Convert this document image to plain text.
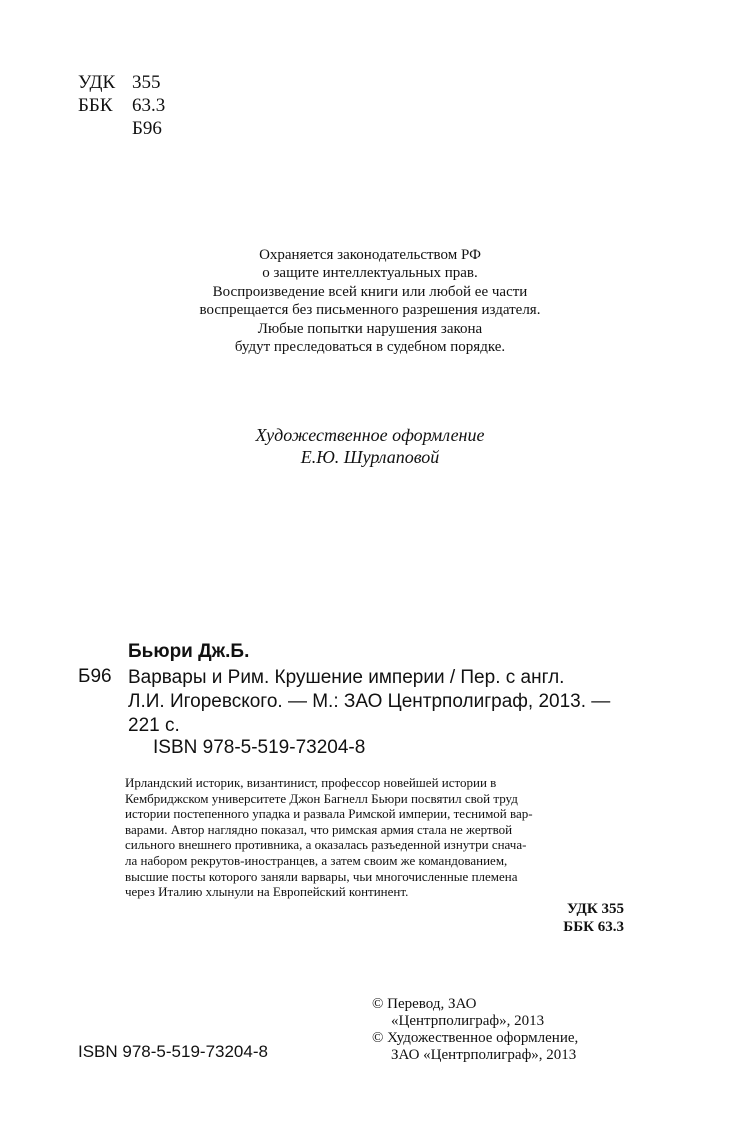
УДК 355
ББК 63.3
Б96
Охраняется законодательством РФ
о защите интеллектуальных прав.
Воспроизведение всей книги или любой ее части
воспрещается без письменного разрешения издателя.
Любые попытки нарушения закона
будут преследоваться в судебном порядке.
Художественное оформление
Е.Ю. Шурлаповой
Бьюри Дж.Б.
Б96 Варвары и Рим. Крушение империи / Пер. с англ.
Л.И. Игоревского. — М.: ЗАО Центрполиграф, 2013. —
221 с.
ISBN 978-5-519-73204-8
Ирландский историк, византинист, профессор новейшей истории в
Кембриджском университете Джон Багнелл Бьюри посвятил свой труд
истории постепенного упадка и развала Римской империи, теснимой вар-
варами. Автор наглядно показал, что римская армия стала не жертвой
сильного внешнего противника, а оказалась разъеденной изнутри снача-
ла набором рекрутов-иностранцев, а затем своим же командованием,
высшие посты которого заняли варвары, чьи многочисленные племена
через Италию хлынули на Европейский континент.
УДК 355
ББК 63.3
© Перевод, ЗАО
«Центрполиграф», 2013
© Художественное оформление,
ЗАО «Центрполиграф», 2013
ISBN 978-5-519-73204-8
